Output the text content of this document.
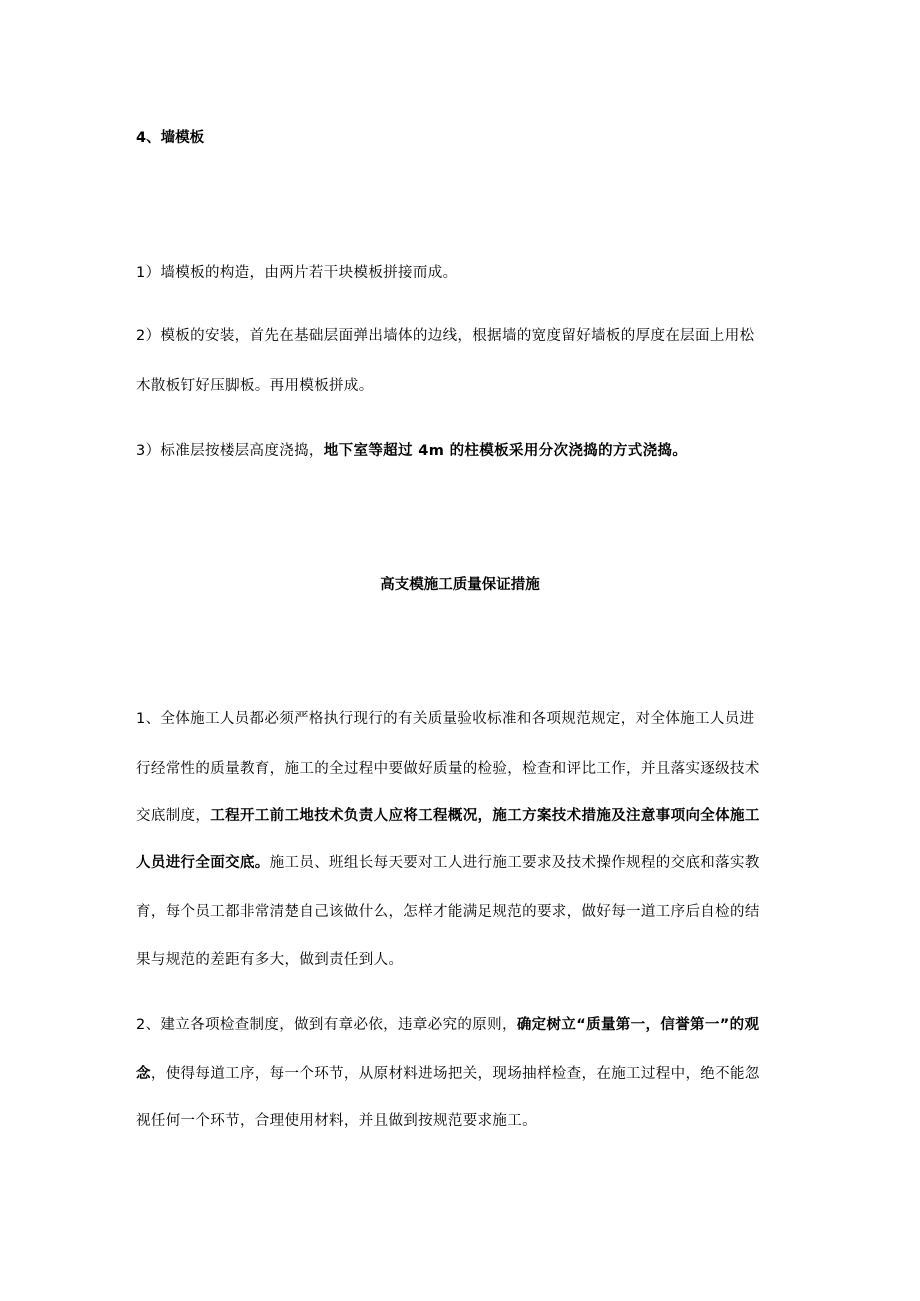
4、墙模板
1）墙模板的构造，由两片若干块模板拼接而成。
2）模板的安装，首先在基础层面弹出墙体的边线，根据墙的宽度留好墙板的厚度在层面上用松
木散板钉好压脚板。再用模板拼成。
3）标准层按楼层高度浇捣，地下室等超过 4m 的柱模板采用分次浇捣的方式浇捣。
高支模施工质量保证措施
1、全体施工人员都必须严格执行现行的有关质量验收标准和各项规范规定，对全体施工人员进
行经常性的质量教育，施工的全过程中要做好质量的检验，检查和评比工作，并且落实逐级技术
交底制度，工程开工前工地技术负责人应将工程概况，施工方案技术措施及注意事项向全体施工
人员进行全面交底。施工员、班组长每天要对工人进行施工要求及技术操作规程的交底和落实教
育，每个员工都非常清楚自己该做什么，怎样才能满足规范的要求，做好每一道工序后自检的结
果与规范的差距有多大，做到责任到人。
2、建立各项检查制度，做到有章必依，违章必究的原则，确定树立“质量第一，信誉第一”的观
念，使得每道工序，每一个环节，从原材料进场把关，现场抽样检查，在施工过程中，绝不能忽
视任何一个环节，合理使用材料，并且做到按规范要求施工。
